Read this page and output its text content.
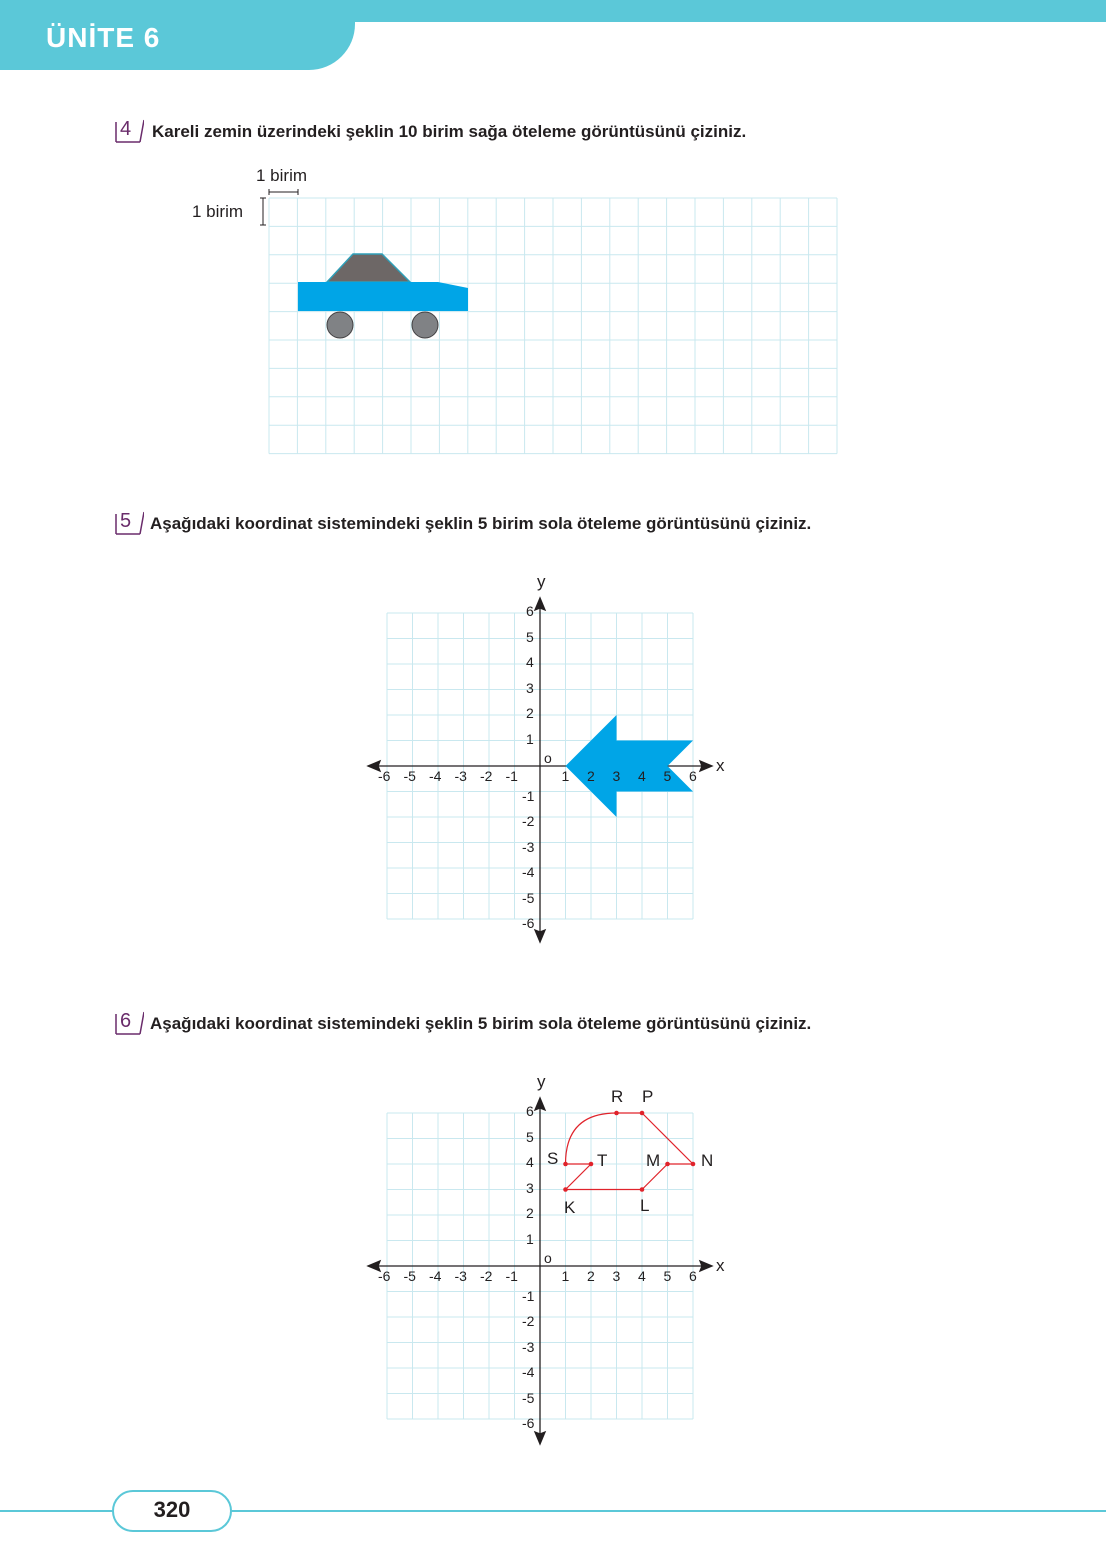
ÜNİTE 6
4 Kareli zemin üzerindeki şeklin 10 birim sağa öteleme görüntüsünü çiziniz.
1 birim
1 birim
5 Aşağıdaki koordinat sistemindeki şeklin 5 birim sola öteleme görüntüsünü çiziniz.
y
x
o
-6 -5 -4 -3 -2 -1	1 2 3 4 5 6
6
5
4
3
2
1
-1
-2
-3
-4
-5
-6
6 Aşağıdaki koordinat sistemindeki şeklin 5 birim sola öteleme görüntüsünü çiziniz.
y
x
o
-6 -5 -4 -3 -2 -1	1 2 3 4 5 6
6
5
4
3
2
1
-1
-2
-3
-4
-5
-6
R P
N
M
L
K
T
S
320
